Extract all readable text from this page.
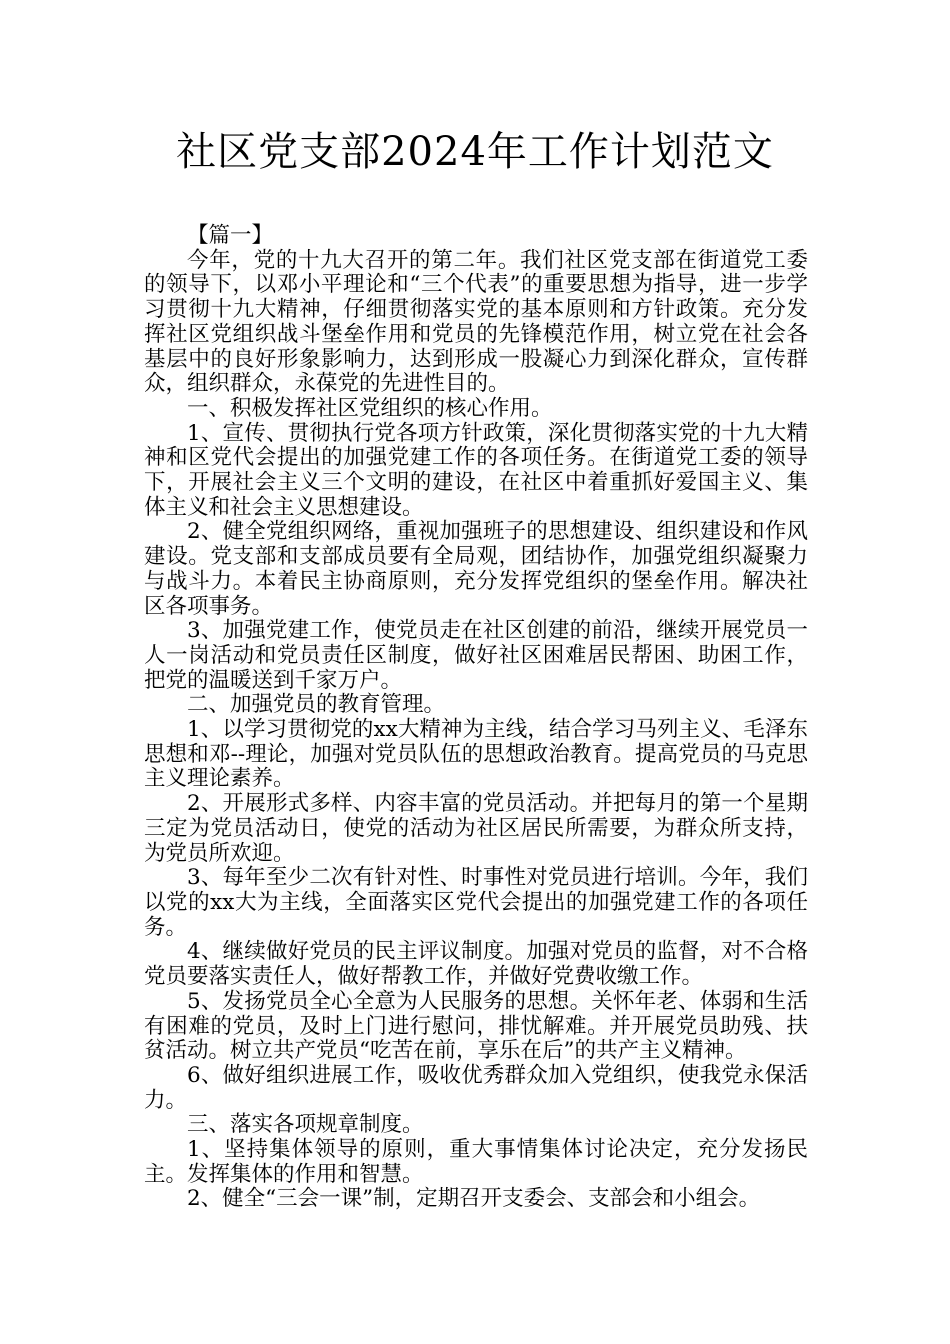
社区党支部2024年工作计划范文

【篇一】

今年，党的十九大召开的第二年。我们社区党支部在街道党工委的领导下，以邓小平理论和“三个代表”的重要思想为指导，进一步学习贯彻十九大精神，仔细贯彻落实党的基本原则和方针政策。充分发挥社区党组织战斗堡垒作用和党员的先锋模范作用，树立党在社会各基层中的良好形象影响力，达到形成一股凝心力到深化群众，宣传群众，组织群众，永葆党的先进性目的。

一、积极发挥社区党组织的核心作用。

1、宣传、贯彻执行党各项方针政策，深化贯彻落实党的十九大精神和区党代会提出的加强党建工作的各项任务。在街道党工委的领导下，开展社会主义三个文明的建设，在社区中着重抓好爱国主义、集体主义和社会主义思想建设。

2、健全党组织网络，重视加强班子的思想建设、组织建设和作风建设。党支部和支部成员要有全局观，团结协作，加强党组织凝聚力与战斗力。本着民主协商原则，充分发挥党组织的堡垒作用。解决社区各项事务。

3、加强党建工作，使党员走在社区创建的前沿，继续开展党员一人一岗活动和党员责任区制度，做好社区困难居民帮困、助困工作，把党的温暖送到千家万户。

二、加强党员的教育管理。

1、以学习贯彻党的xx大精神为主线，结合学习马列主义、毛泽东思想和邓--理论，加强对党员队伍的思想政治教育。提高党员的马克思主义理论素养。

2、开展形式多样、内容丰富的党员活动。并把每月的第一个星期三定为党员活动日，使党的活动为社区居民所需要，为群众所支持，为党员所欢迎。

3、每年至少二次有针对性、时事性对党员进行培训。今年，我们以党的xx大为主线，全面落实区党代会提出的加强党建工作的各项任务。

4、继续做好党员的民主评议制度。加强对党员的监督，对不合格党员要落实责任人，做好帮教工作，并做好党费收缴工作。

5、发扬党员全心全意为人民服务的思想。关怀年老、体弱和生活有困难的党员，及时上门进行慰问，排忧解难。并开展党员助残、扶贫活动。树立共产党员“吃苦在前，享乐在后”的共产主义精神。

6、做好组织进展工作，吸收优秀群众加入党组织，使我党永保活力。

三、落实各项规章制度。

1、坚持集体领导的原则，重大事情集体讨论决定，充分发扬民主。发挥集体的作用和智慧。

2、健全“三会一课”制，定期召开支委会、支部会和小组会。
